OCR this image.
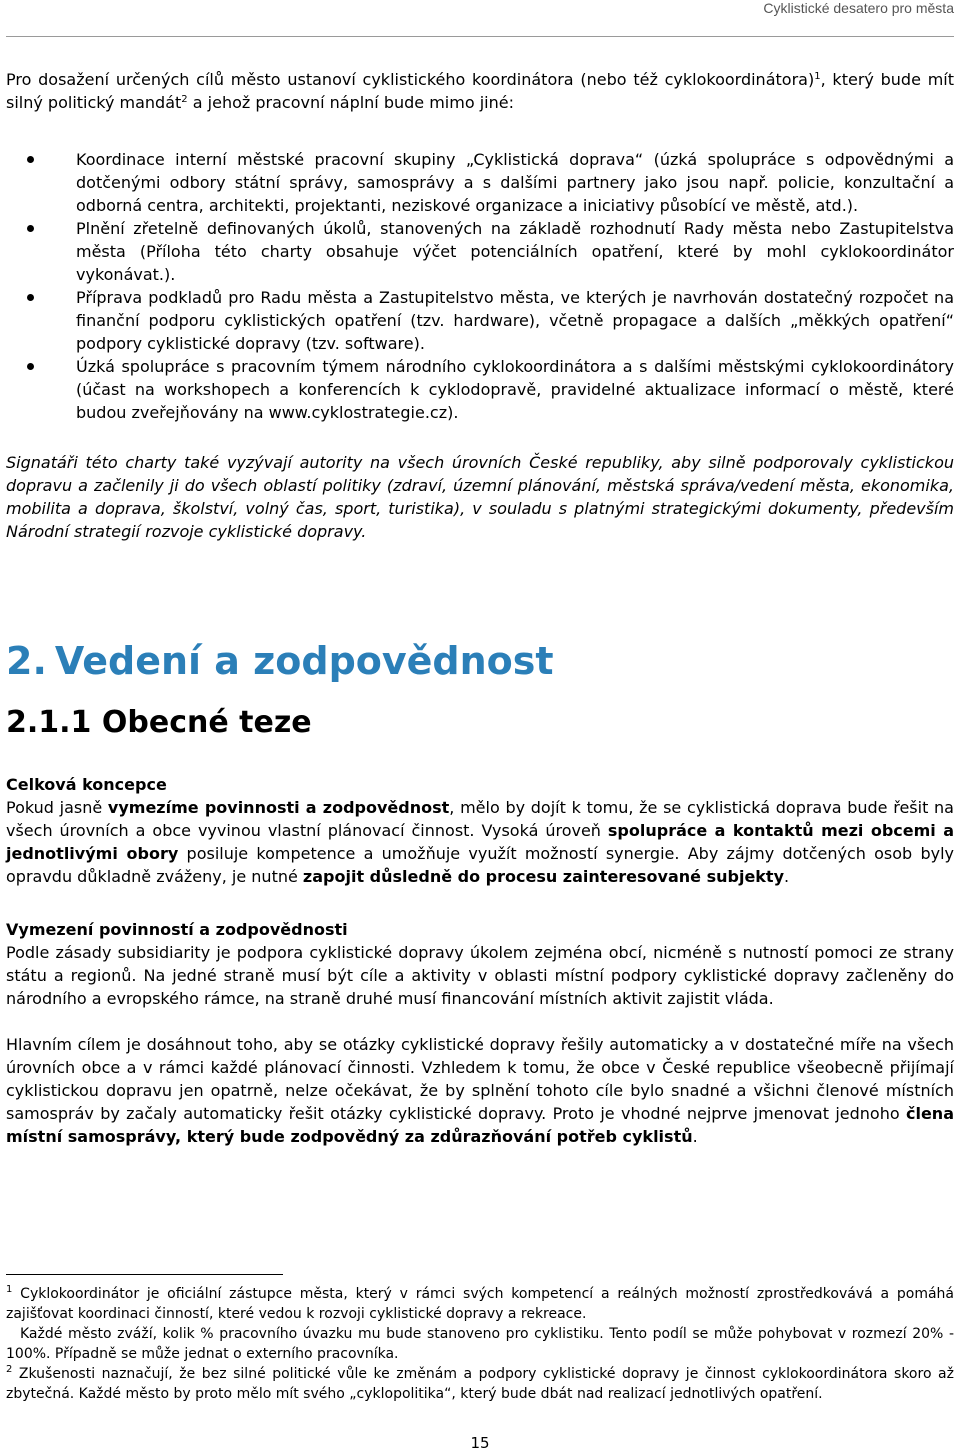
Cyklistické desatero pro města

Pro dosažení určených cílů město ustanoví cyklistického koordinátora (nebo též cyklokoordinátora)$^1$, který bude mít silný politický mandát$^2$ a jehož pracovní náplní bude mimo jiné:

Koordinace interní městské pracovní skupiny „Cyklistická doprava“ (úzká spolupráce s odpovědnými a dotčenými odbory státní správy, samosprávy a s dalšími partnery jako jsou např. policie, konzultační a odborná centra, architekti, projektanti, neziskové organizace a iniciativy působící ve městě, atd.).
Plnění zřetelně definovaných úkolů, stanovených na základě rozhodnutí Rady města nebo Zastupitelstva města (Příloha této charty obsahuje výčet potenciálních opatření, které by mohl cyklokoordinátor vykonávat.).
Příprava podkladů pro Radu města a Zastupitelstvo města, ve kterých je navrhován dostatečný rozpočet na finanční podporu cyklistických opatření (tzv. hardware), včetně propagace a dalších „měkkých opatření“ podpory cyklistické dopravy (tzv. software).
Úzká spolupráce s pracovním týmem národního cyklokoordinátora a s dalšími městskými cyklokoordinátory (účast na workshopech a konferencích k cyklodopravě, pravidelné aktualizace informací o městě, které budou zveřejňovány na www.cyklostrategie.cz).

Signatáři této charty také vyzývají autority na všech úrovních České republiky, aby silně podporovaly cyklistickou dopravu a začlenily ji do všech oblastí politiky (zdraví, územní plánování, městská správa/vedení města, ekonomika, mobilita a doprava, školství, volný čas, sport, turistika), v souladu s platnými strategickými dokumenty, především Národní strategií rozvoje cyklistické dopravy.

2. Vedení a zodpovědnost
2.1.1 Obecné teze

Celková koncepce

Pokud jasně vymezíme povinnosti a zodpovědnost, mělo by dojít k tomu, že se cyklistická doprava bude řešit na všech úrovních a obce vyvinou vlastní plánovací činnost. Vysoká úroveň spolupráce a kontaktů mezi obcemi a jednotlivými obory posiluje kompetence a umožňuje využít možností synergie. Aby zájmy dotčených osob byly opravdu důkladně zváženy, je nutné zapojit důsledně do procesu zainteresované subjekty.

Vymezení povinností a zodpovědnosti

Podle zásady subsidiarity je podpora cyklistické dopravy úkolem zejména obcí, nicméně s nutností pomoci ze strany státu a regionů. Na jedné straně musí být cíle a aktivity v oblasti místní podpory cyklistické dopravy začleněny do národního a evropského rámce, na straně druhé musí financování místních aktivit zajistit vláda.

Hlavním cílem je dosáhnout toho, aby se otázky cyklistické dopravy řešily automaticky a v dostatečné míře na všech úrovních obce a v rámci každé plánovací činnosti. Vzhledem k tomu, že obce v České republice všeobecně přijímají cyklistickou dopravu jen opatrně, nelze očekávat, že by splnění tohoto cíle bylo snadné a všichni členové místních samospráv by začaly automaticky řešit otázky cyklistické dopravy. Proto je vhodné nejprve jmenovat jednoho člena místní samosprávy, který bude zodpovědný za zdůrazňování potřeb cyklistů.

$^1$ Cyklokoordinátor je oficiální zástupce města, který v rámci svých kompetencí a reálných možností zprostředkovává a pomáhá zajišťovat koordinaci činností, které vedou k rozvoji cyklistické dopravy a rekreace.

Každé město zváží, kolik % pracovního úvazku mu bude stanoveno pro cyklistiku. Tento podíl se může pohybovat v rozmezí 20% - 100%. Případně se může jednat o externího pracovníka.

$^2$ Zkušenosti naznačují, že bez silné politické vůle ke změnám a podpory cyklistické dopravy je činnost cyklokoordinátora skoro až zbytečná. Každé město by proto mělo mít svého „cyklopolitika“, který bude dbát nad realizací jednotlivých opatření.

15
